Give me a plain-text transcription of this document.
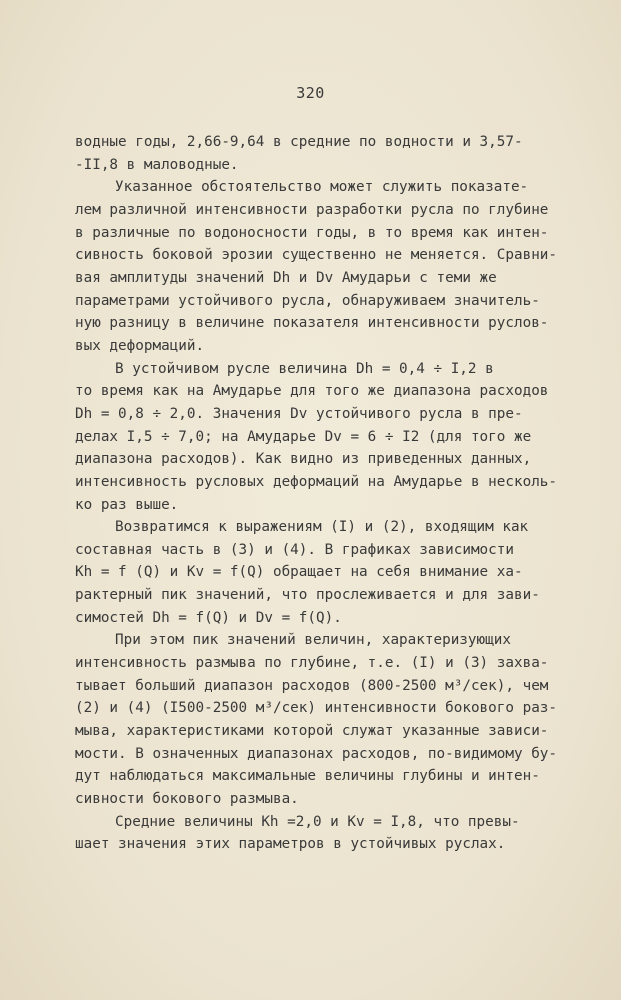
320
водные годы, 2,66-9,64 в средние по водности и 3,57-
-II,8 в маловодные.
Указанное обстоятельство может служить показате-
лем различной интенсивности разработки русла по глубине
в различные по водоносности годы, в то время как интен-
сивность боковой эрозии существенно не меняется. Сравни-
вая амплитуды значений Dh и Dv Амударьи с теми же
параметрами устойчивого русла, обнаруживаем значитель-
ную разницу в величине показателя интенсивности руслов-
вых деформаций.
В устойчивом русле величина Dh = 0,4 ÷ I,2 в
то время как на Амударье для того же диапазона расходов
Dh = 0,8 ÷ 2,0. Значения Dv устойчивого русла в пре-
делах I,5 ÷ 7,0; на Амударье Dv = 6 ÷ I2 (для того же
диапазона расходов). Как видно из приведенных данных,
интенсивность русловых деформаций на Амударье в несколь-
ко раз выше.
Возвратимся к выражениям (I) и (2), входящим как
составная часть в (3) и (4). В графиках зависимости
Kh = f (Q) и Kv = f(Q) обращает на себя внимание ха-
рактерный пик значений, что прослеживается и для зави-
симостей Dh = f(Q) и Dv = f(Q).
При этом пик значений величин, характеризующих
интенсивность размыва по глубине, т.е. (I) и (3) захва-
тывает больший диапазон расходов (800-2500 м³/сек), чем
(2) и (4) (I500-2500 м³/сек) интенсивности бокового раз-
мыва, характеристиками которой служат указанные зависи-
мости. В означенных диапазонах расходов, по-видимому бу-
дут наблюдаться максимальные величины глубины и интен-
сивности бокового размыва.
Средние величины Kh =2,0 и Kv = I,8, что превы-
шает значения этих параметров в устойчивых руслах.
